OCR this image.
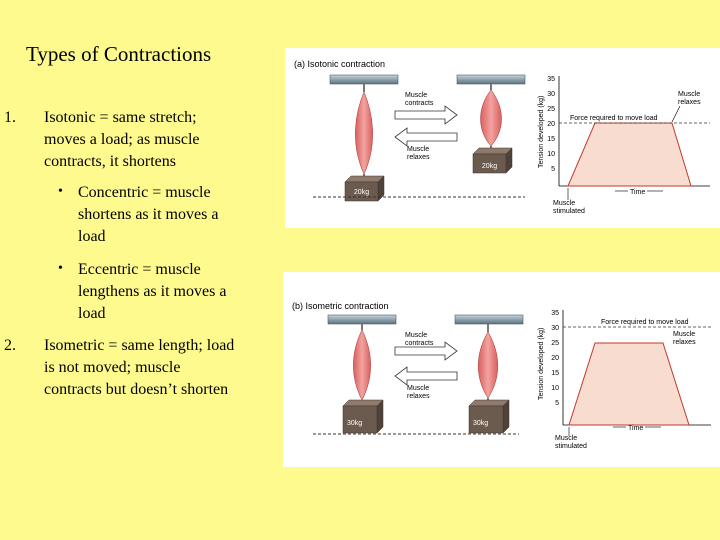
Types of Contractions
1. Isotonic = same stretch;
moves a load; as muscle
contracts, it shortens
• Concentric = muscle
shortens as it moves a
load
• Eccentric = muscle
lengthens as it moves a
load
2. Isometric = same length; load
is not moved; muscle
contracts but doesn’t shorten
(a) Isotonic contraction
20kg
20kg
Muscle
contracts
Muscle
relaxes	Tension developed (kg)
35
30
25
20
15
10
5
Force required to move load
Muscle
relaxes
Time
Muscle
stimulated
(b) Isometric contraction
30kg	30kg
Muscle
contracts
Muscle
relaxes	Tension developed (kg)
35
30
25
20
15
10
5
Force required to move load
Muscle
relaxes
Time
Muscle
stimulated
